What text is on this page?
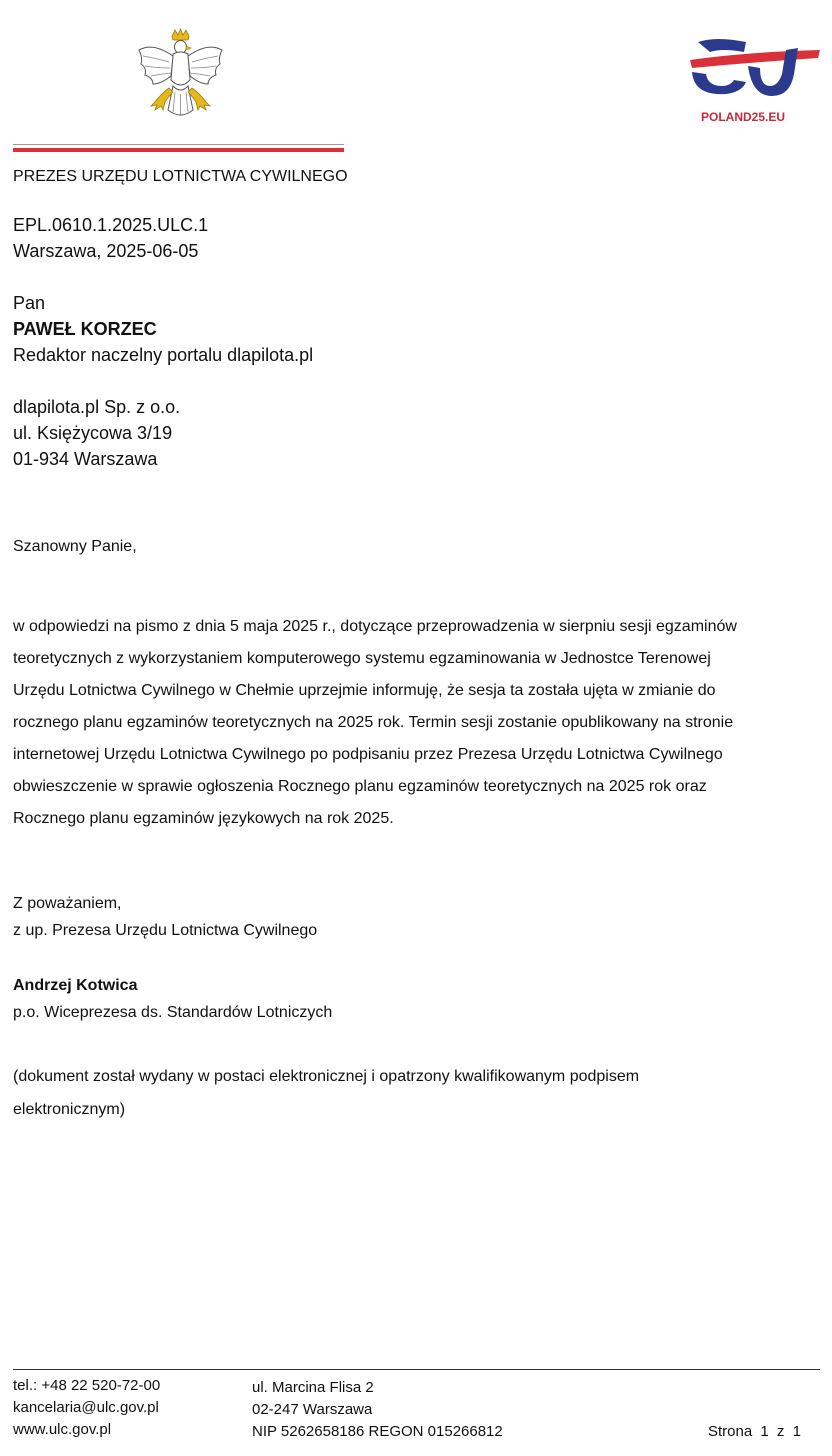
POLAND25.EU
PREZES URZĘDU LOTNICTWA CYWILNEGO
EPL.0610.1.2025.ULC.1
Warszawa, 2025-06-05
Pan
PAWEŁ KORZEC
Redaktor naczelny portalu dlapilota.pl
dlapilota.pl Sp. z o.o.
ul. Księżycowa 3/19
01-934 Warszawa
Szanowny Panie,
w odpowiedzi na pismo z dnia 5 maja 2025 r., dotyczące przeprowadzenia w sierpniu sesji egzaminów
teoretycznych z wykorzystaniem komputerowego systemu egzaminowania w Jednostce Terenowej
Urzędu Lotnictwa Cywilnego w Chełmie uprzejmie informuję, że sesja ta została ujęta w zmianie do
rocznego planu egzaminów teoretycznych na 2025 rok. Termin sesji zostanie opublikowany na stronie
internetowej Urzędu Lotnictwa Cywilnego po podpisaniu przez Prezesa Urzędu Lotnictwa Cywilnego
obwieszczenie w sprawie ogłoszenia Rocznego planu egzaminów teoretycznych na 2025 rok oraz
Rocznego planu egzaminów językowych na rok 2025.
Z poważaniem,
z up. Prezesa Urzędu Lotnictwa Cywilnego
Andrzej Kotwica
p.o. Wiceprezesa ds. Standardów Lotniczych
(dokument został wydany w postaci elektronicznej i opatrzony kwalifikowanym podpisem
elektronicznym)
tel.: +48 22 520-72-00
kancelaria@ulc.gov.pl
www.ulc.gov.pl
ul. Marcina Flisa 2
02-247 Warszawa
NIP 5262658186 REGON 015266812	Strona 1 z 1
